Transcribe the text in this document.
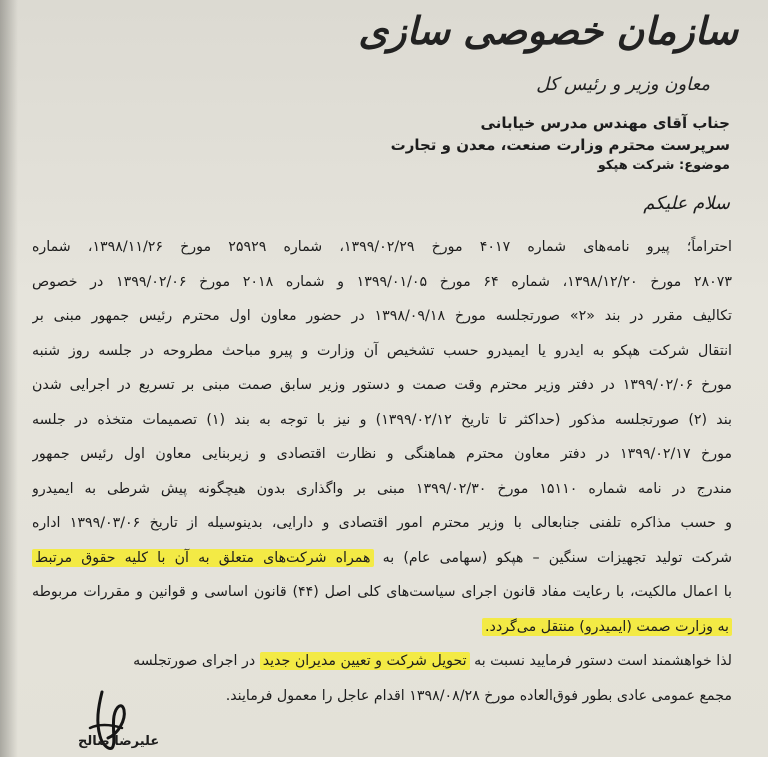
سازمان خصوصی سازی
معاون وزیر و رئیس کل
جناب آقای مهندس مدرس خیابانی
سرپرست محترم وزارت صنعت، معدن و تجارت
موضوع: شرکت هپکو
سلام علیکم
احتراماً؛ پیرو نامه‌های شماره ۴۰۱۷ مورخ ۱۳۹۹/۰۲/۲۹، شماره ۲۵۹۲۹ مورخ ۱۳۹۸/۱۱/۲۶، شماره
۲۸۰۷۳ مورخ ۱۳۹۸/۱۲/۲۰، شماره ۶۴ مورخ ۱۳۹۹/۰۱/۰۵ و شماره ۲۰۱۸ مورخ ۱۳۹۹/۰۲/۰۶ در خصوص
تکالیف مقرر در بند «۲» صورتجلسه مورخ ۱۳۹۸/۰۹/۱۸ در حضور معاون اول محترم رئیس جمهور مبنی بر
انتقال شرکت هپکو به ایدرو یا ایمیدرو حسب تشخیص آن وزارت و پیرو مباحث مطروحه در جلسه روز شنبه
مورخ ۱۳۹۹/۰۲/۰۶ در دفتر وزیر محترم وقت صمت و دستور وزیر سابق صمت مبنی بر تسریع در اجرایی شدن
بند (۲) صورتجلسه مذکور (حداکثر تا تاریخ ۱۳۹۹/۰۲/۱۲) و نیز با توجه به بند (۱) تصمیمات متخذه در جلسه
مورخ ۱۳۹۹/۰۲/۱۷ در دفتر معاون محترم هماهنگی و نظارت اقتصادی و زیربنایی معاون اول رئیس جمهور
مندرج در نامه شماره ۱۵۱۱۰ مورخ ۱۳۹۹/۰۲/۳۰ مبنی بر واگذاری بدون هیچگونه پیش شرطی به ایمیدرو
و حسب مذاکره تلفنی جنابعالی با وزیر محترم امور اقتصادی و دارایی، بدینوسیله از تاریخ ۱۳۹۹/۰۳/۰۶ اداره
شرکت تولید تجهیزات سنگین – هپکو (سهامی عام) به همراه شرکت‌های متعلق به آن با کلیه حقوق مرتبط
با اعمال مالکیت، با رعایت مفاد قانون اجرای سیاست‌های کلی اصل (۴۴) قانون اساسی و قوانین و مقررات مربوطه
به وزارت صمت (ایمیدرو) منتقل می‌گردد.
لذا خواهشمند است دستور فرمایید نسبت به تحویل شرکت و تعیین مدیران جدید در اجرای صورتجلسه
مجمع عمومی عادی بطور فوق‌العاده مورخ ۱۳۹۸/۰۸/۲۸ اقدام عاجل را معمول فرمایند.
علیرضا صالح
